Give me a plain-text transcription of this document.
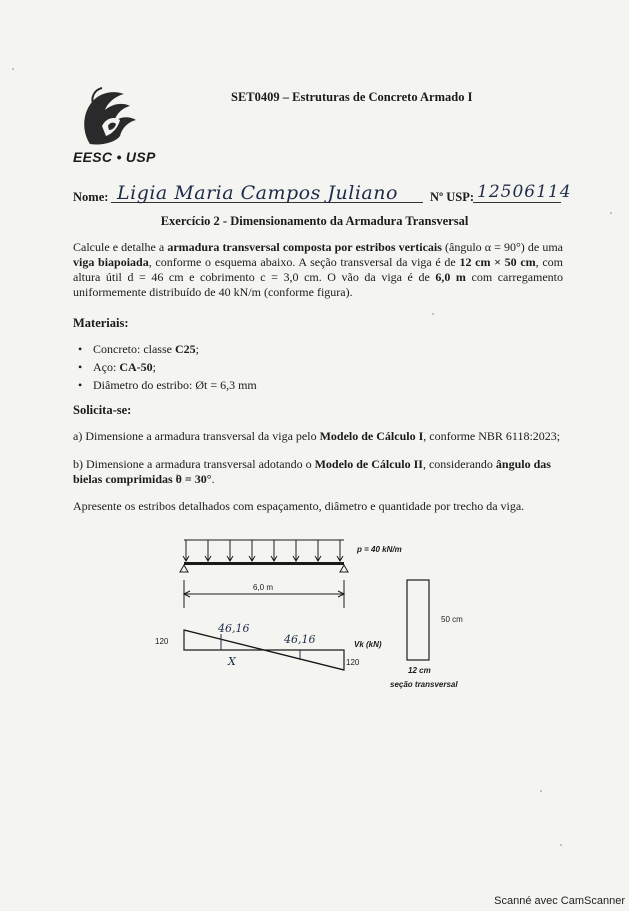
EESC • USP
SET0409 – Estruturas de Concreto Armado I
Nome: Ligia Maria Campos Juliano	Nº USP: 12506114
Exercício 2 - Dimensionamento da Armadura Transversal
Calcule e detalhe a armadura transversal composta por estribos verticais (ângulo α = 90°) de uma viga biapoiada, conforme o esquema abaixo. A seção transversal da viga é de 12 cm × 50 cm, com altura útil d = 46 cm e cobrimento c = 3,0 cm. O vão da viga é de 6,0 m com carregamento uniformemente distribuído de 40 kN/m (conforme figura).
Materiais:
• Concreto: classe C25;
• Aço: CA-50;
• Diâmetro do estribo: Øt = 6,3 mm
Solicita-se:
a) Dimensione a armadura transversal da viga pelo Modelo de Cálculo I, conforme NBR 6118:2023;
b) Dimensione a armadura transversal adotando o Modelo de Cálculo II, considerando ângulo das bielas comprimidas θ = 30°.
Apresente os estribos detalhados com espaçamento, diâmetro e quantidade por trecho da viga.
p = 40 kN/m
6,0 m
120
120
Vk (kN)
46,16
46,16
X
50 cm
12 cm
seção transversal
Scanné avec CamScanner
